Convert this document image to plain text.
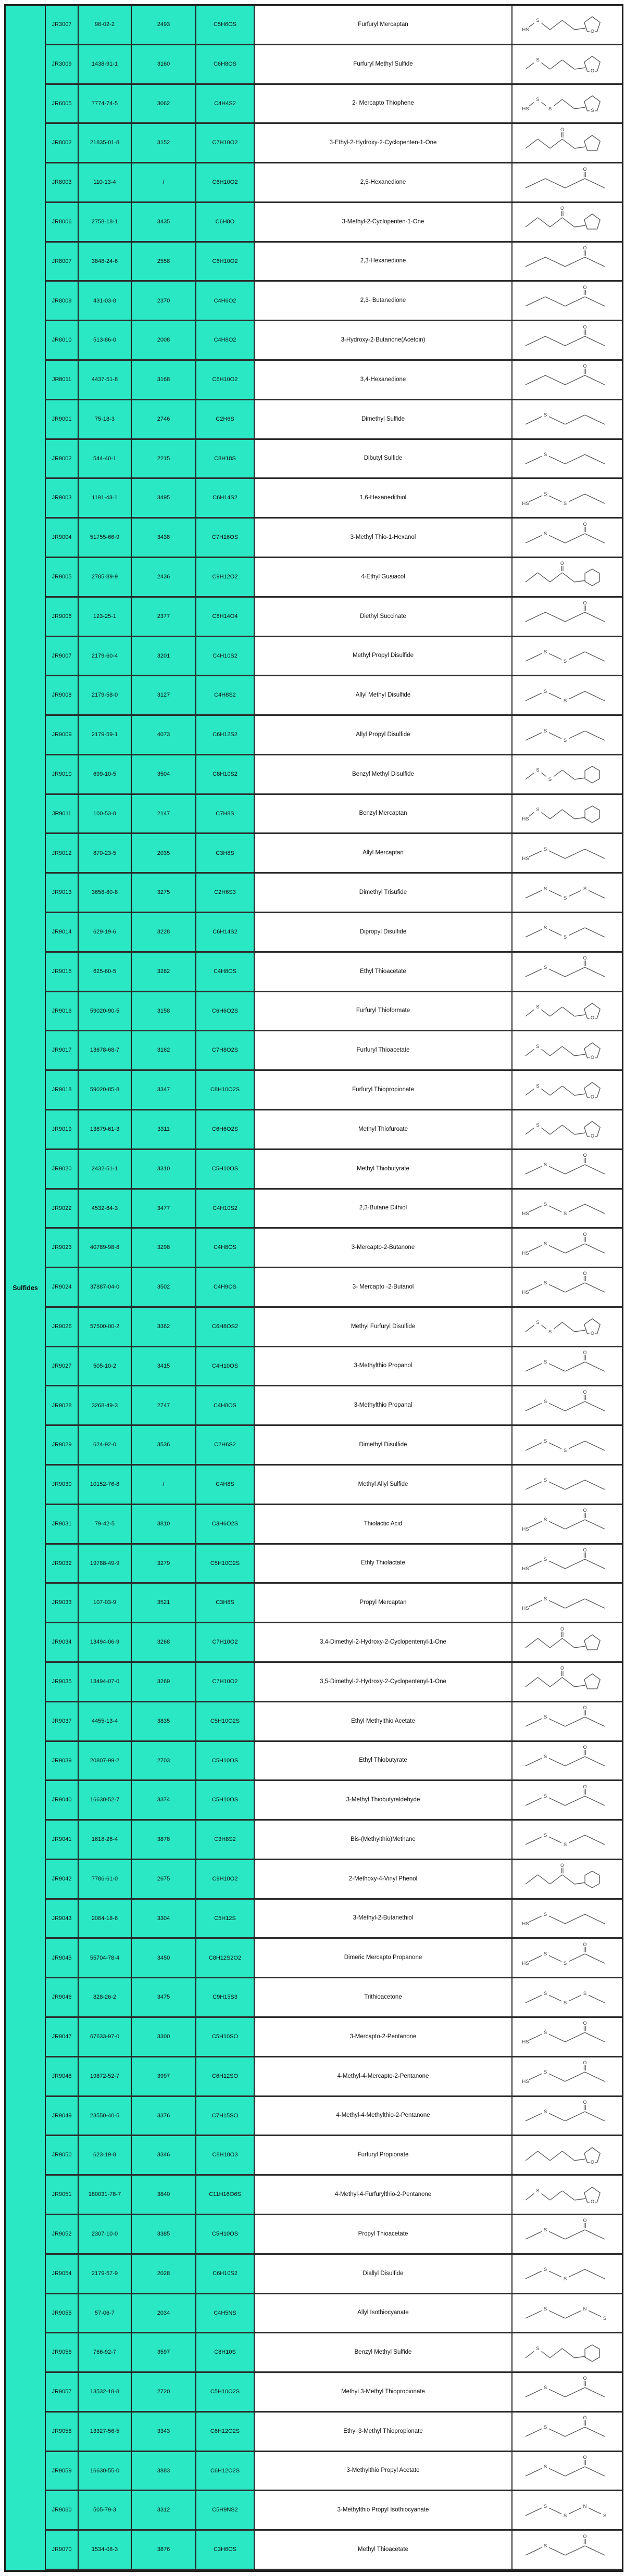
Sulfides
JR3007	98-02-2	2493	C5H6OS	Furfuryl Mercaptan
HS
S
O
JR3009	1438-91-1	3160	C6H8OS	Furfuryl Methyl Sulfide
S
O
JR6005	7774-74-5	3062	C4H4S2	2- Mercapto Thiophene
HS
S
S	S
JR8002	21835-01-8	3152	C7H10O2	3-Ethyl-2-Hydroxy-2-Cyclopenten-1-One
O
JR8003	110-13-4	/	C6H10O2	2,5-Hexanedione
O
JR8006	2758-18-1	3435	C6H8O	3-Methyl-2-Cyclopenten-1-One
O
JR8007	3848-24-6	2558	C6H10O2	2,3-Hexanedione
O
JR8009	431-03-8	2370	C4H6O2	2,3- Butanedione
O
JR8010	513-86-0	2008	C4H8O2	3-Hydroxy-2-Butanone(Acetoin)
O
JR8011	4437-51-8	3168	C6H10O2	3,4-Hexanedione
O
JR9001	75-18-3	2746	C2H6S	Dimethyl Sulfide
S
JR9002	544-40-1	2215	C8H18S	Dibutyl Sulfide
S
JR9003	1191-43-1	3495	C6H14S2	1,6-Hexanedithiol
HS
S
S
JR9004	51755-66-9	3438	C7H16OS	3-Methyl Thio-1-Hexanol
O
S
JR9005	2785-89-9	2436	C9H12O2	4-Ethyl Guaiacol
O
JR9006	123-25-1	2377	C8H14O4	Diethyl Succinate
O
JR9007	2179-60-4	3201	C4H10S2	Methyl Propyl Disulfide
S
S
JR9008	2179-58-0	3127	C4H8S2	Allyl Methyl Disulfide
S
S
JR9009	2179-59-1	4073	C6H12S2	Allyl Propyl Disulfide
S
S
JR9010	699-10-5	3504	C8H10S2	Benzyl Methyl Disulfide
S
S
JR9011	100-53-8	2147	C7H8S	Benzyl Mercaptan
HS
S
JR9012	870-23-5	2035	C3H8S	Allyl Mercaptan
HS
S
JR9013	3658-80-8	3275	C2H6S3	Dimethyl Trisufide
S
S
S
JR9014	629-19-6	3228	C6H14S2	Dipropyl Disulfide
S
S
JR9015	625-60-5	3282	C4H8OS	Ethyl Thioacetate
O
S
JR9016	59020-90-5	3158	C6H6O2S	Furfuryl Thioformate
S
O
JR9017	13678-68-7	3162	C7H8O2S	Furfuryl Thioacetate
S
O
JR9018	59020-85-8	3347	C8H10O2S	Furfuryl Thiopropionate
S
O
JR9019	13679-61-3	3311	C6H6O2S	Methyl Thiofuroate
S
O
JR9020	2432-51-1	3310	C5H10OS	Methyl Thiobutyrate
O
S
JR9022	4532-64-3	3477	C4H10S2	2,3-Butane Dithiol
HS
S
S
JR9023	40789-98-8	3298	C4H8OS	3-Mercapto-2-Butanone
O
HS
S
JR9024	37887-04-0	3502	C4H9OS	3- Mercapto -2-Butanol
O
HS
S
JR9026	57500-00-2	3362	C6H8OS2	Methyl Furfuryl Disulfide
S
S	O
JR9027	505-10-2	3415	C4H10OS	3-Methylthio Propanol
O
S
JR9028	3268-49-3	2747	C4H8OS	3-Methylthio Propanal
O
S
JR9029	624-92-0	3536	C2H6S2	Dimethyl Disulfide
S
S
JR9030	10152-76-8	/	C4H8S	Methyl Allyl Sulfide
S
JR9031	79-42-5	3810	C3H6O2S	Thiolactic Acid
O
HS
S
JR9032	19788-49-9	3279	C5H10O2S	Ethly Thiolactate
O
HS
S
JR9033	107-03-9	3521	C3H8S	Propyl Mercaptan
HS
S
JR9034	13494-06-9	3268	C7H10O2	3,4-Dimethyl-2-Hydroxy-2-Cyclopentenyl-1-One
O
JR9035	13494-07-0	3269	C7H10O2	3,5-Dimethyl-2-Hydroxy-2-Cyclopentenyl-1-One
O
JR9037	4455-13-4	3835	C5H10O2S	Ethyl Methylthio Acetate
O
S
JR9039	20807-99-2	2703	C5H10OS	Ethyl Thiobutyrate
O
S
JR9040	16630-52-7	3374	C5H10OS	3-Methyl Thiobutyraldehyde
O
S
JR9041	1618-26-4	3878	C3H8S2	Bis-(Methylthio)Methane
S
S
JR9042	7786-61-0	2675	C9H10O2	2-Methoxy-4-Vinyl Phenol
O
JR9043	2084-18-6	3304	C5H12S	3-Methyl-2-Butanethiol
HS
S
JR9045	55704-78-4	3450	C8H12S2O2	Dimeric Mercapto Propanone
O
HS
S
S
JR9046	828-26-2	3475	C9H15S3	Trithioacetone
S
S
S
JR9047	67633-97-0	3300	C5H10SO	3-Mercapto-2-Pentanone
O
HS
S
JR9048	19872-52-7	3997	C6H12SO	4-Methyl-4-Mercapto-2-Pentanone
O
HS
S
JR9049	23550-40-5	3376	C7H15SO	4-Methyl-4-Methylthio-2-Pentanone
O
S
JR9050	623-19-8	3346	C8H10O3	Furfuryl Propionate
O
JR9051	180031-78-7	3840	C11H16O6S	4-Methyl-4-Furfurylthio-2-Pentanone
S
O
JR9052	2307-10-0	3385	C5H10OS	Propyl Thioacetate
O
S
JR9054	2179-57-9	2028	C6H10S2	Diallyl Disulfide
S
S
JR9055	57-06-7	2034	C4H5NS	Allyl Isothiocyanate
S	N
S
JR9056	766-92-7	3597	C8H10S	Benzyl Methyl Sulfide
S
JR9057	13532-18-8	2720	C5H10O2S	Methyl 3-Methyl Thiopropionate
O
S
JR9058	13327-56-5	3343	C6H12O2S	Ethyl 3-Methyl Thiopropionate
O
S
JR9059	16630-55-0	3883	C6H12O2S	3-Methylthio Propyl Acetate
O
S
JR9060	505-79-3	3312	C5H9NS2	3-Methylthio Propyl Isothiocyanate
S
S
N
S
JR9070	1534-08-3	3876	C3H6OS	Methyl Thioacetate
O
S
